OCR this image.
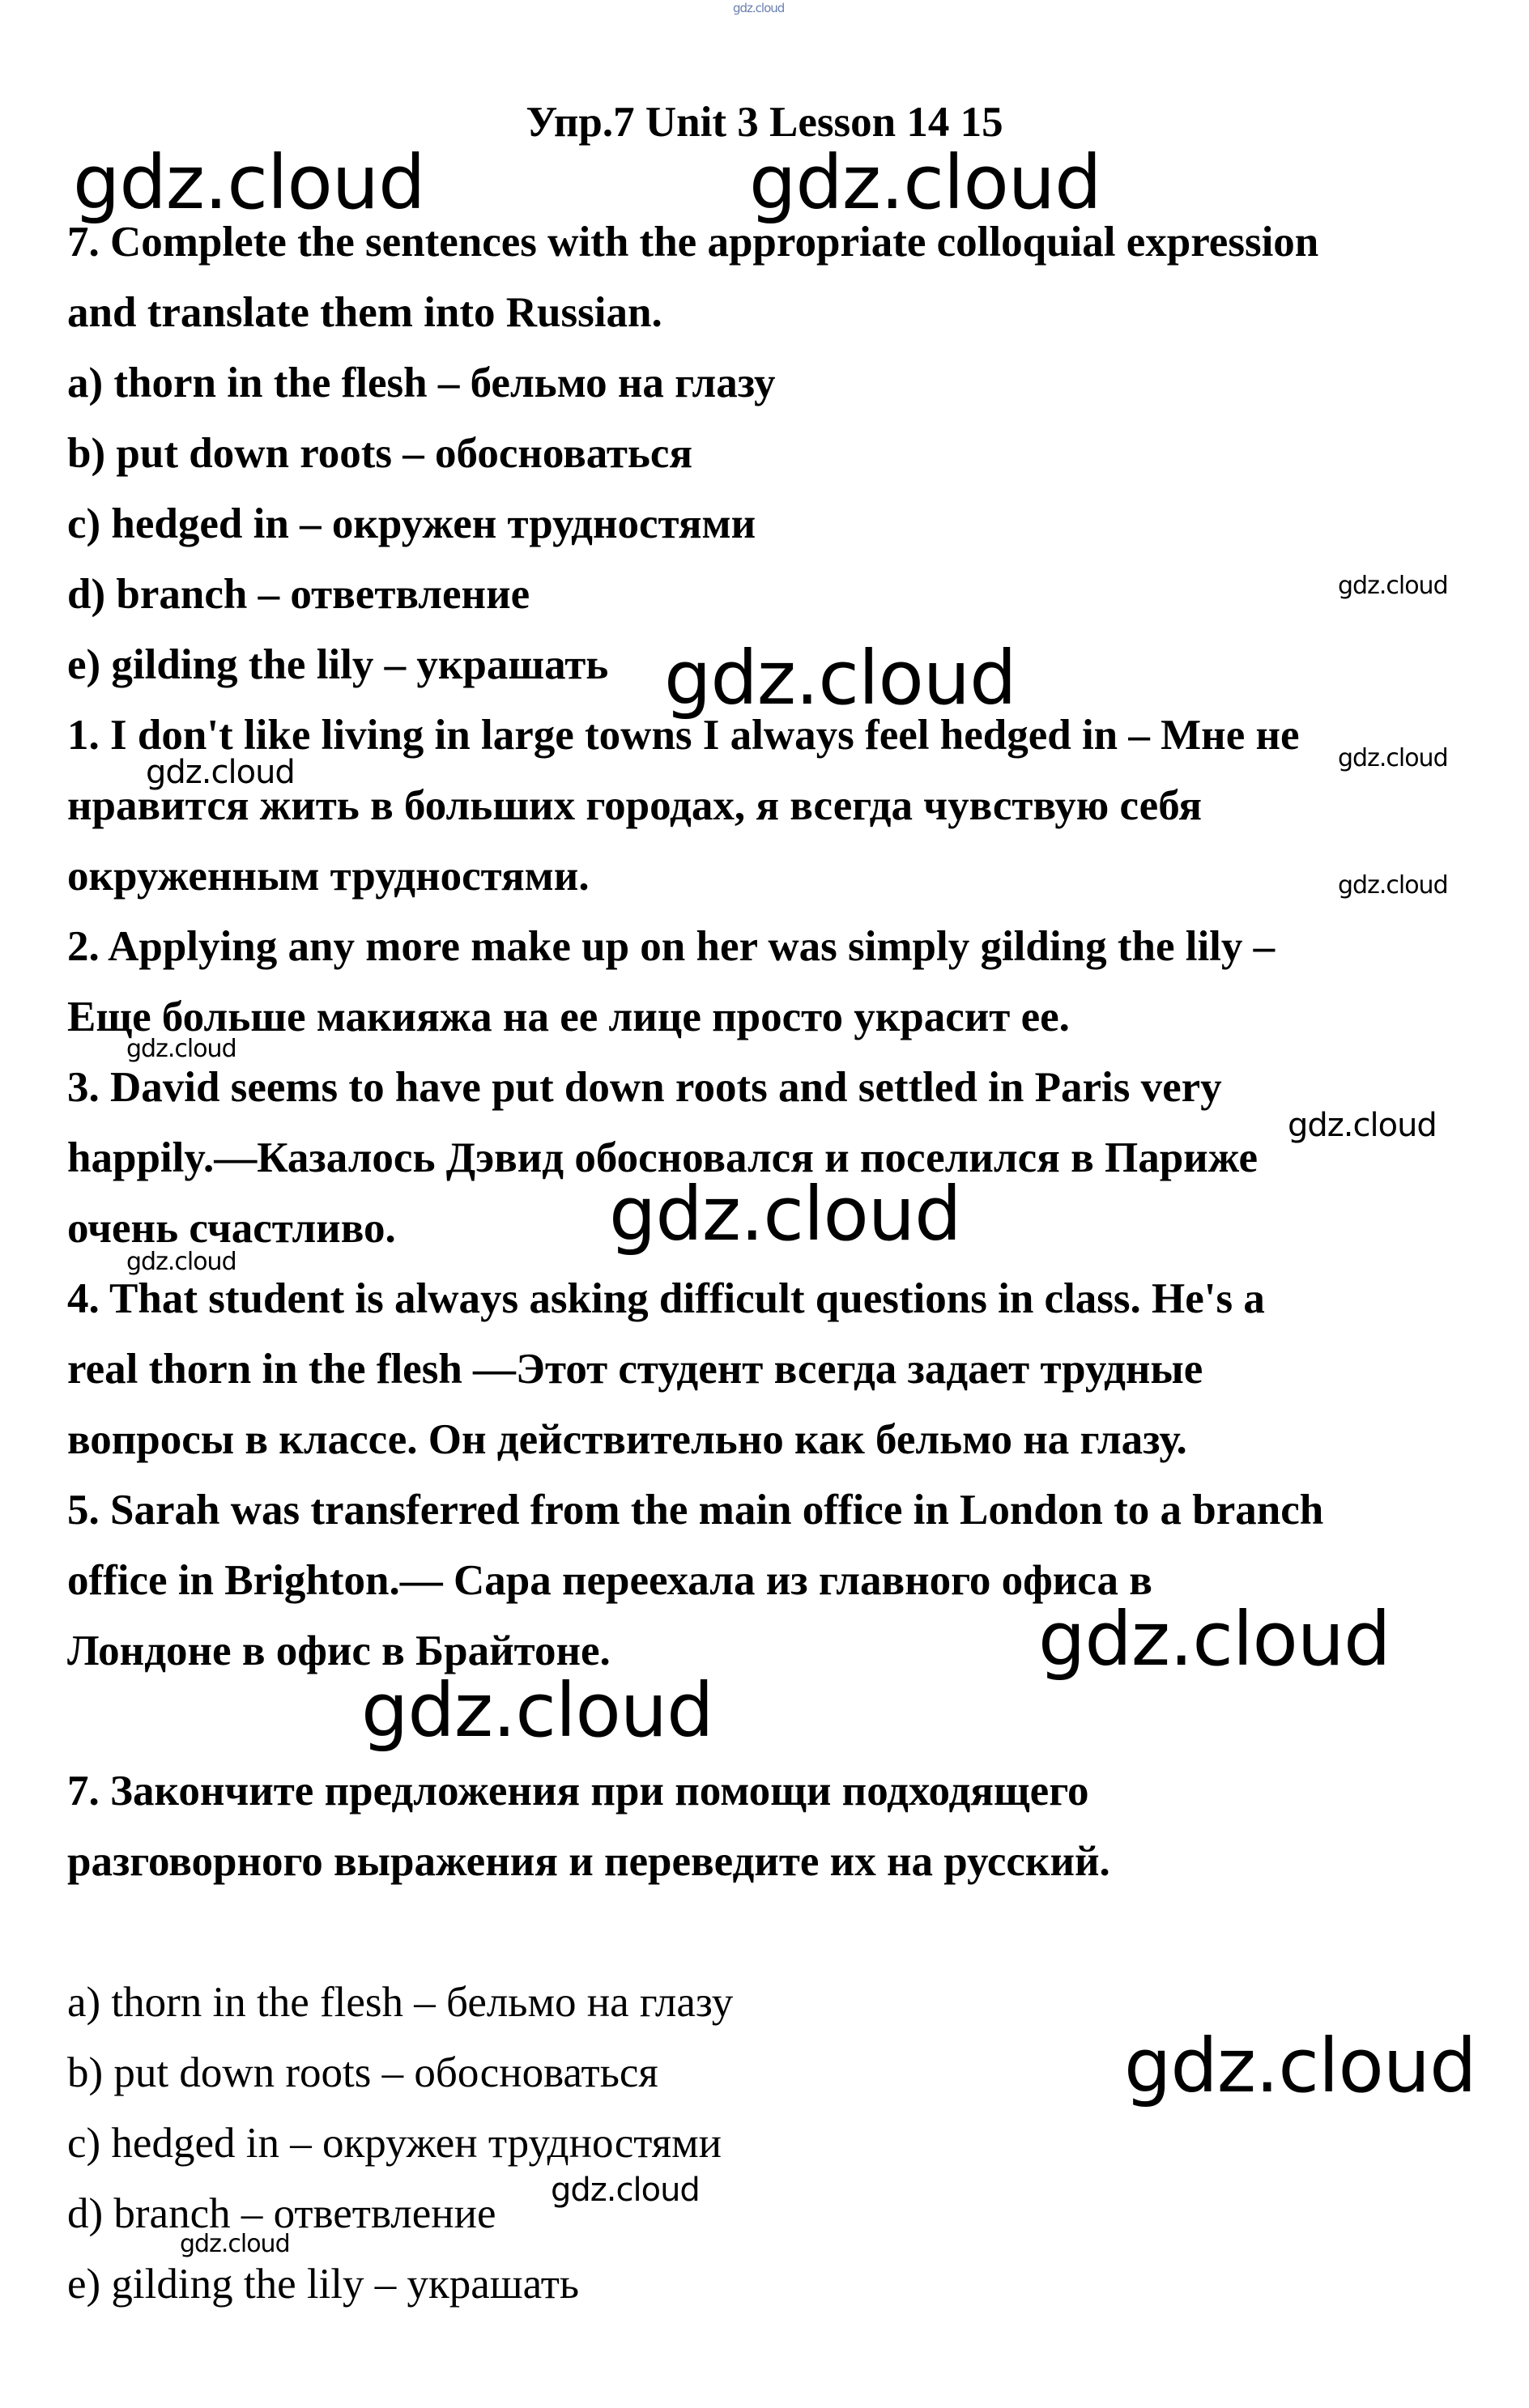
gdz.cloud
Упр.7 Unit 3 Lesson 14 15
gdz.cloud	gdz.cloud
7. Complete the sentences with the appropriate colloquial expression
and translate them into Russian.
a) thorn in the flesh – бельмо на глазу
b) put down roots – обосноваться
c) hedged in – окружен трудностями
d) branch – ответвление
e) gilding the lily – украшать
1. I don't like living in large towns I always feel hedged in – Мне не
нравится жить в больших городах, я всегда чувствую себя
окруженным трудностями.
2. Applying any more make up on her was simply gilding the lily –
Еще больше макияжа на ее лице просто украсит ее.
3. David seems to have put down roots and settled in Paris very
happily.—Казалось Дэвид обосновался и поселился в Париже
очень счастливо.
4. That student is always asking difficult questions in class. He's a
real thorn in the flesh —Этот студент всегда задает трудные
вопросы в классе. Он действительно как бельмо на глазу.
5. Sarah was transferred from the main office in London to a branch
office in Brighton.— Сара переехала из главного офиса в
Лондоне в офис в Брайтоне.
7. Закончите предложения при помощи подходящего
разговорного выражения и переведите их на русский.
a) thorn in the flesh – бельмо на глазу
b) put down roots – обосноваться
c) hedged in – окружен трудностями
d) branch – ответвление
e) gilding the lily – украшать
gdz.cloud
gdz.cloud
gdz.cloud	gdz.cloud
gdz.cloud
gdz.cloud
gdz.cloud
gdz.cloud
gdz.cloud
gdz.cloud
gdz.cloud
gdz.cloud
gdz.cloud
gdz.cloud
